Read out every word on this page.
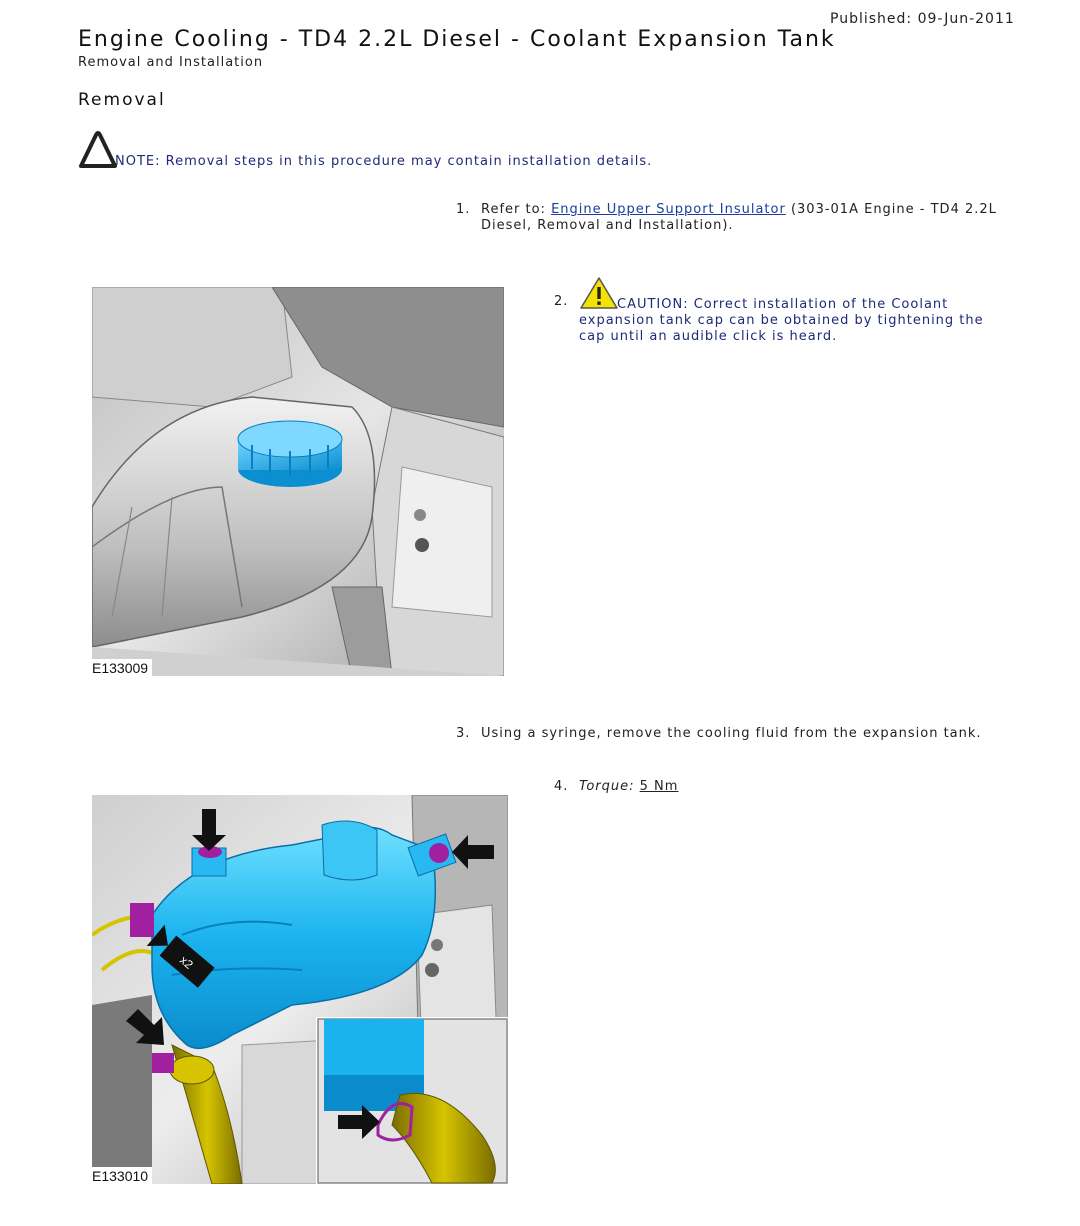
Published: 09-Jun-2011
Engine Cooling - TD4 2.2L Diesel - Coolant Expansion Tank
Removal and Installation
Removal
NOTE: Removal steps in this procedure may contain installation details.
1. Refer to: Engine Upper Support Insulator (303-01A Engine - TD4 2.2L Diesel, Removal and Installation).
2.	CAUTION: Correct installation of the Coolant expansion tank cap can be obtained by tightening the cap until an audible click is heard.
3. Using a syringe, remove the cooling fluid from the expansion tank.
4. Torque: 5 Nm
E133009
x2
E133010
